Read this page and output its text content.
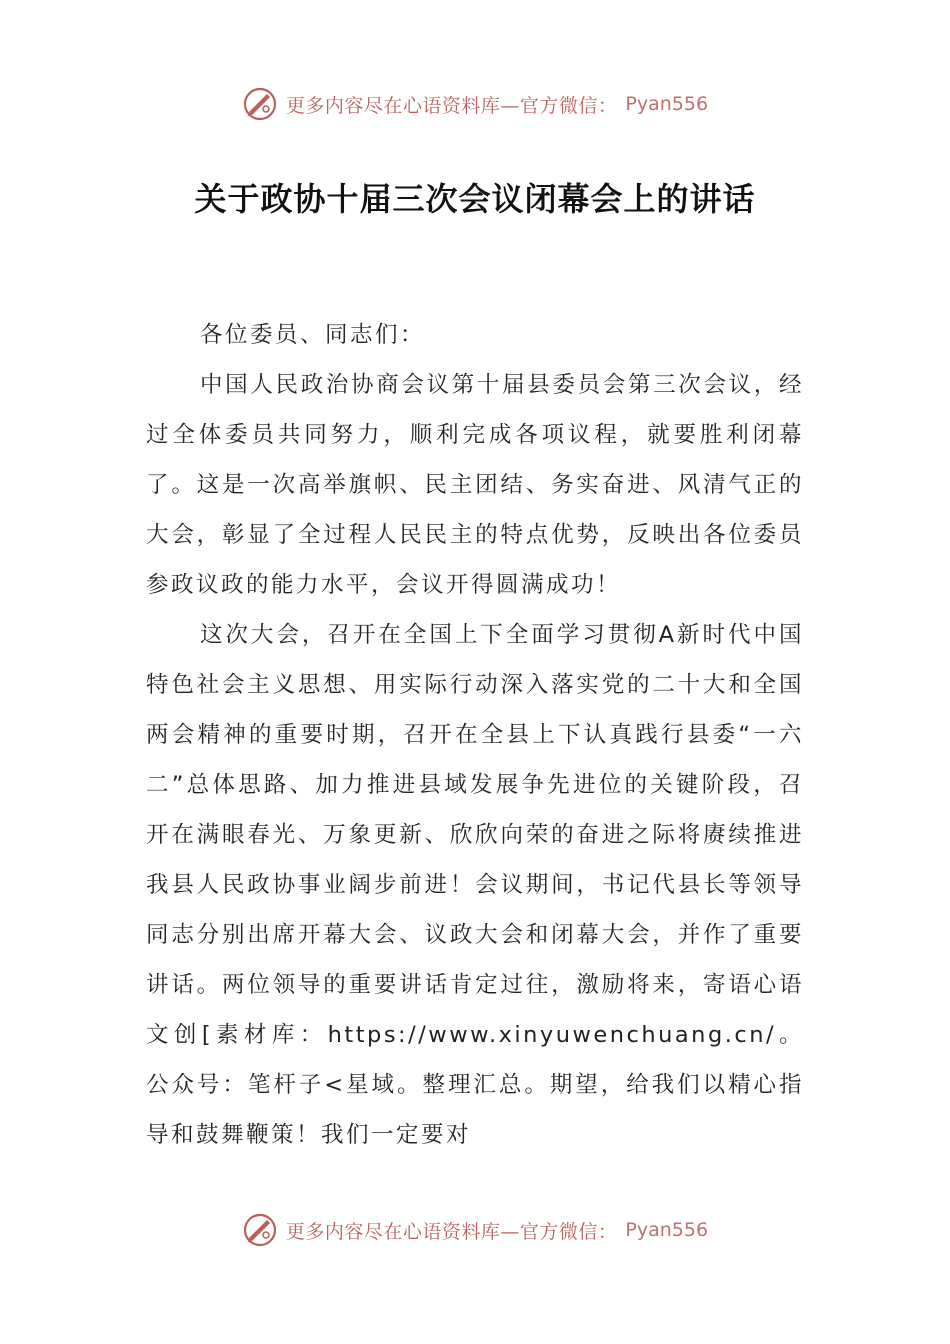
更多内容尽在心语资料库—官方微信： Pyan556
关于政协十届三次会议闭幕会上的讲话

各位委员、同志们：

中国人民政治协商会议第十届县委员会第三次会议，经过全体委员共同努力，顺利完成各项议程，就要胜利闭幕了。这是一次高举旗帜、民主团结、务实奋进、风清气正的大会，彰显了全过程人民民主的特点优势，反映出各位委员参政议政的能力水平，会议开得圆满成功！

这次大会，召开在全国上下全面学习贯彻A新时代中国特色社会主义思想、用实际行动深入落实党的二十大和全国两会精神的重要时期，召开在全县上下认真践行县委“一六二”总体思路、加力推进县域发展争先进位的关键阶段，召开在满眼春光、万象更新、欣欣向荣的奋进之际将赓续推进我县人民政协事业阔步前进！会议期间，书记代县长等领导同志分别出席开幕大会、议政大会和闭幕大会，并作了重要讲话。两位领导的重要讲话肯定过往，激励将来，寄语心语文创[素材库：https://www.xinyuwenchuang.cn/。公众号：笔杆子<星域。整理汇总。期望，给我们以精心指导和鼓舞鞭策！我们一定要对

更多内容尽在心语资料库—官方微信： Pyan556
